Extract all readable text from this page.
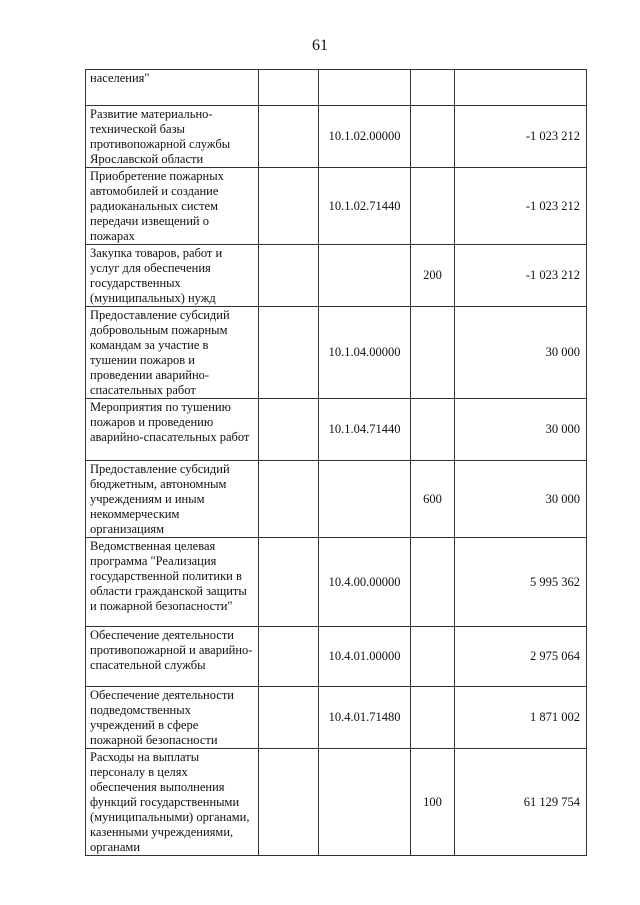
61
населения"				
Развитие материально-технической базы противопожарной службы Ярославской области		10.1.02.00000		-1 023 212
Приобретение пожарных автомобилей и создание радиоканальных систем передачи извещений о пожарах		10.1.02.71440		-1 023 212
Закупка товаров, работ и услуг для обеспечения государственных (муниципальных) нужд			200	-1 023 212
Предоставление субсидий добровольным пожарным командам за участие в тушении пожаров и проведении аварийно-спасательных работ		10.1.04.00000		30 000
Мероприятия по тушению пожаров и проведению аварийно-спасательных работ		10.1.04.71440		30 000
Предоставление субсидий бюджетным, автономным учреждениям и иным некоммерческим организациям			600	30 000
Ведомственная целевая программа "Реализация государственной политики в области гражданской защиты и пожарной безопасности"		10.4.00.00000		5 995 362
Обеспечение деятельности противопожарной и аварийно-спасательной службы		10.4.01.00000		2 975 064
Обеспечение деятельности подведомственных учреждений в сфере пожарной безопасности		10.4.01.71480		1 871 002
Расходы на выплаты персоналу в целях обеспечения выполнения функций государственными (муниципальными) органами, казенными учреждениями, органами			100	61 129 754
